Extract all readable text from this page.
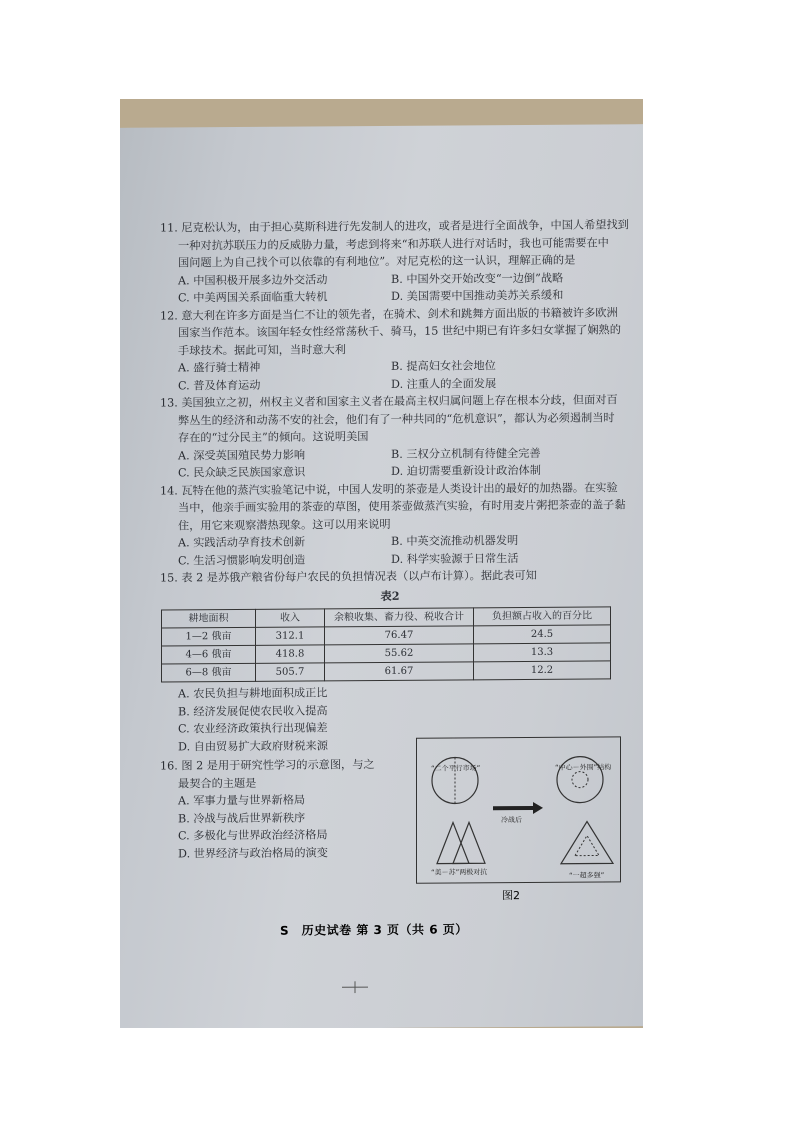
11. 尼克松认为，由于担心莫斯科进行先发制人的进攻，或者是进行全面战争，中国人希望找到
一种对抗苏联压力的反威胁力量，考虑到将来“和苏联人进行对话时，我也可能需要在中
国问题上为自己找个可以依靠的有利地位”。对尼克松的这一认识，理解正确的是
A. 中国积极开展多边外交活动	B. 中国外交开始改变“一边倒”战略
C. 中美两国关系面临重大转机	D. 美国需要中国推动美苏关系缓和
12. 意大利在许多方面是当仁不让的领先者，在骑术、剑术和跳舞方面出版的书籍被许多欧洲
国家当作范本。该国年轻女性经常荡秋千、骑马，15 世纪中期已有许多妇女掌握了娴熟的
手球技术。据此可知，当时意大利
A. 盛行骑士精神	B. 提高妇女社会地位
C. 普及体育运动	D. 注重人的全面发展
13. 美国独立之初，州权主义者和国家主义者在最高主权归属问题上存在根本分歧，但面对百
弊丛生的经济和动荡不安的社会，他们有了一种共同的“危机意识”，都认为必须遏制当时
存在的“过分民主”的倾向。这说明美国
A. 深受英国殖民势力影响	B. 三权分立机制有待健全完善
C. 民众缺乏民族国家意识	D. 迫切需要重新设计政治体制
14. 瓦特在他的蒸汽实验笔记中说，中国人发明的茶壶是人类设计出的最好的加热器。在实验
当中，他亲手画实验用的茶壶的草图，使用茶壶做蒸汽实验，有时用麦片粥把茶壶的盖子黏
住，用它来观察潜热现象。这可以用来说明
A. 实践活动孕育技术创新	B. 中英交流推动机器发明
C. 生活习惯影响发明创造	D. 科学实验源于日常生活
15. 表 2 是苏俄产粮省份每户农民的负担情况表（以卢布计算）。据此表可知
表2
耕地面积	收入	余粮收集、畜力役、税收合计	负担额占收入的百分比
1—2 俄亩	312.1	76.47	24.5
4—6 俄亩	418.8	55.62	13.3
6—8 俄亩	505.7	61.67	12.2
A. 农民负担与耕地面积成正比
B. 经济发展促使农民收入提高
C. 农业经济政策执行出现偏差
D. 自由贸易扩大政府财税来源
16. 图 2 是用于研究性学习的示意图，与之
最契合的主题是
A. 军事力量与世界新格局
B. 冷战与战后世界新秩序
C. 多极化与世界政治经济格局
D. 世界经济与政治格局的演变
“二个平行市场”	“中心－外围”结构
冷战后
“美－苏”两极对抗	“一超多强”
图2
S　历史试卷 第 3 页（共 6 页）
